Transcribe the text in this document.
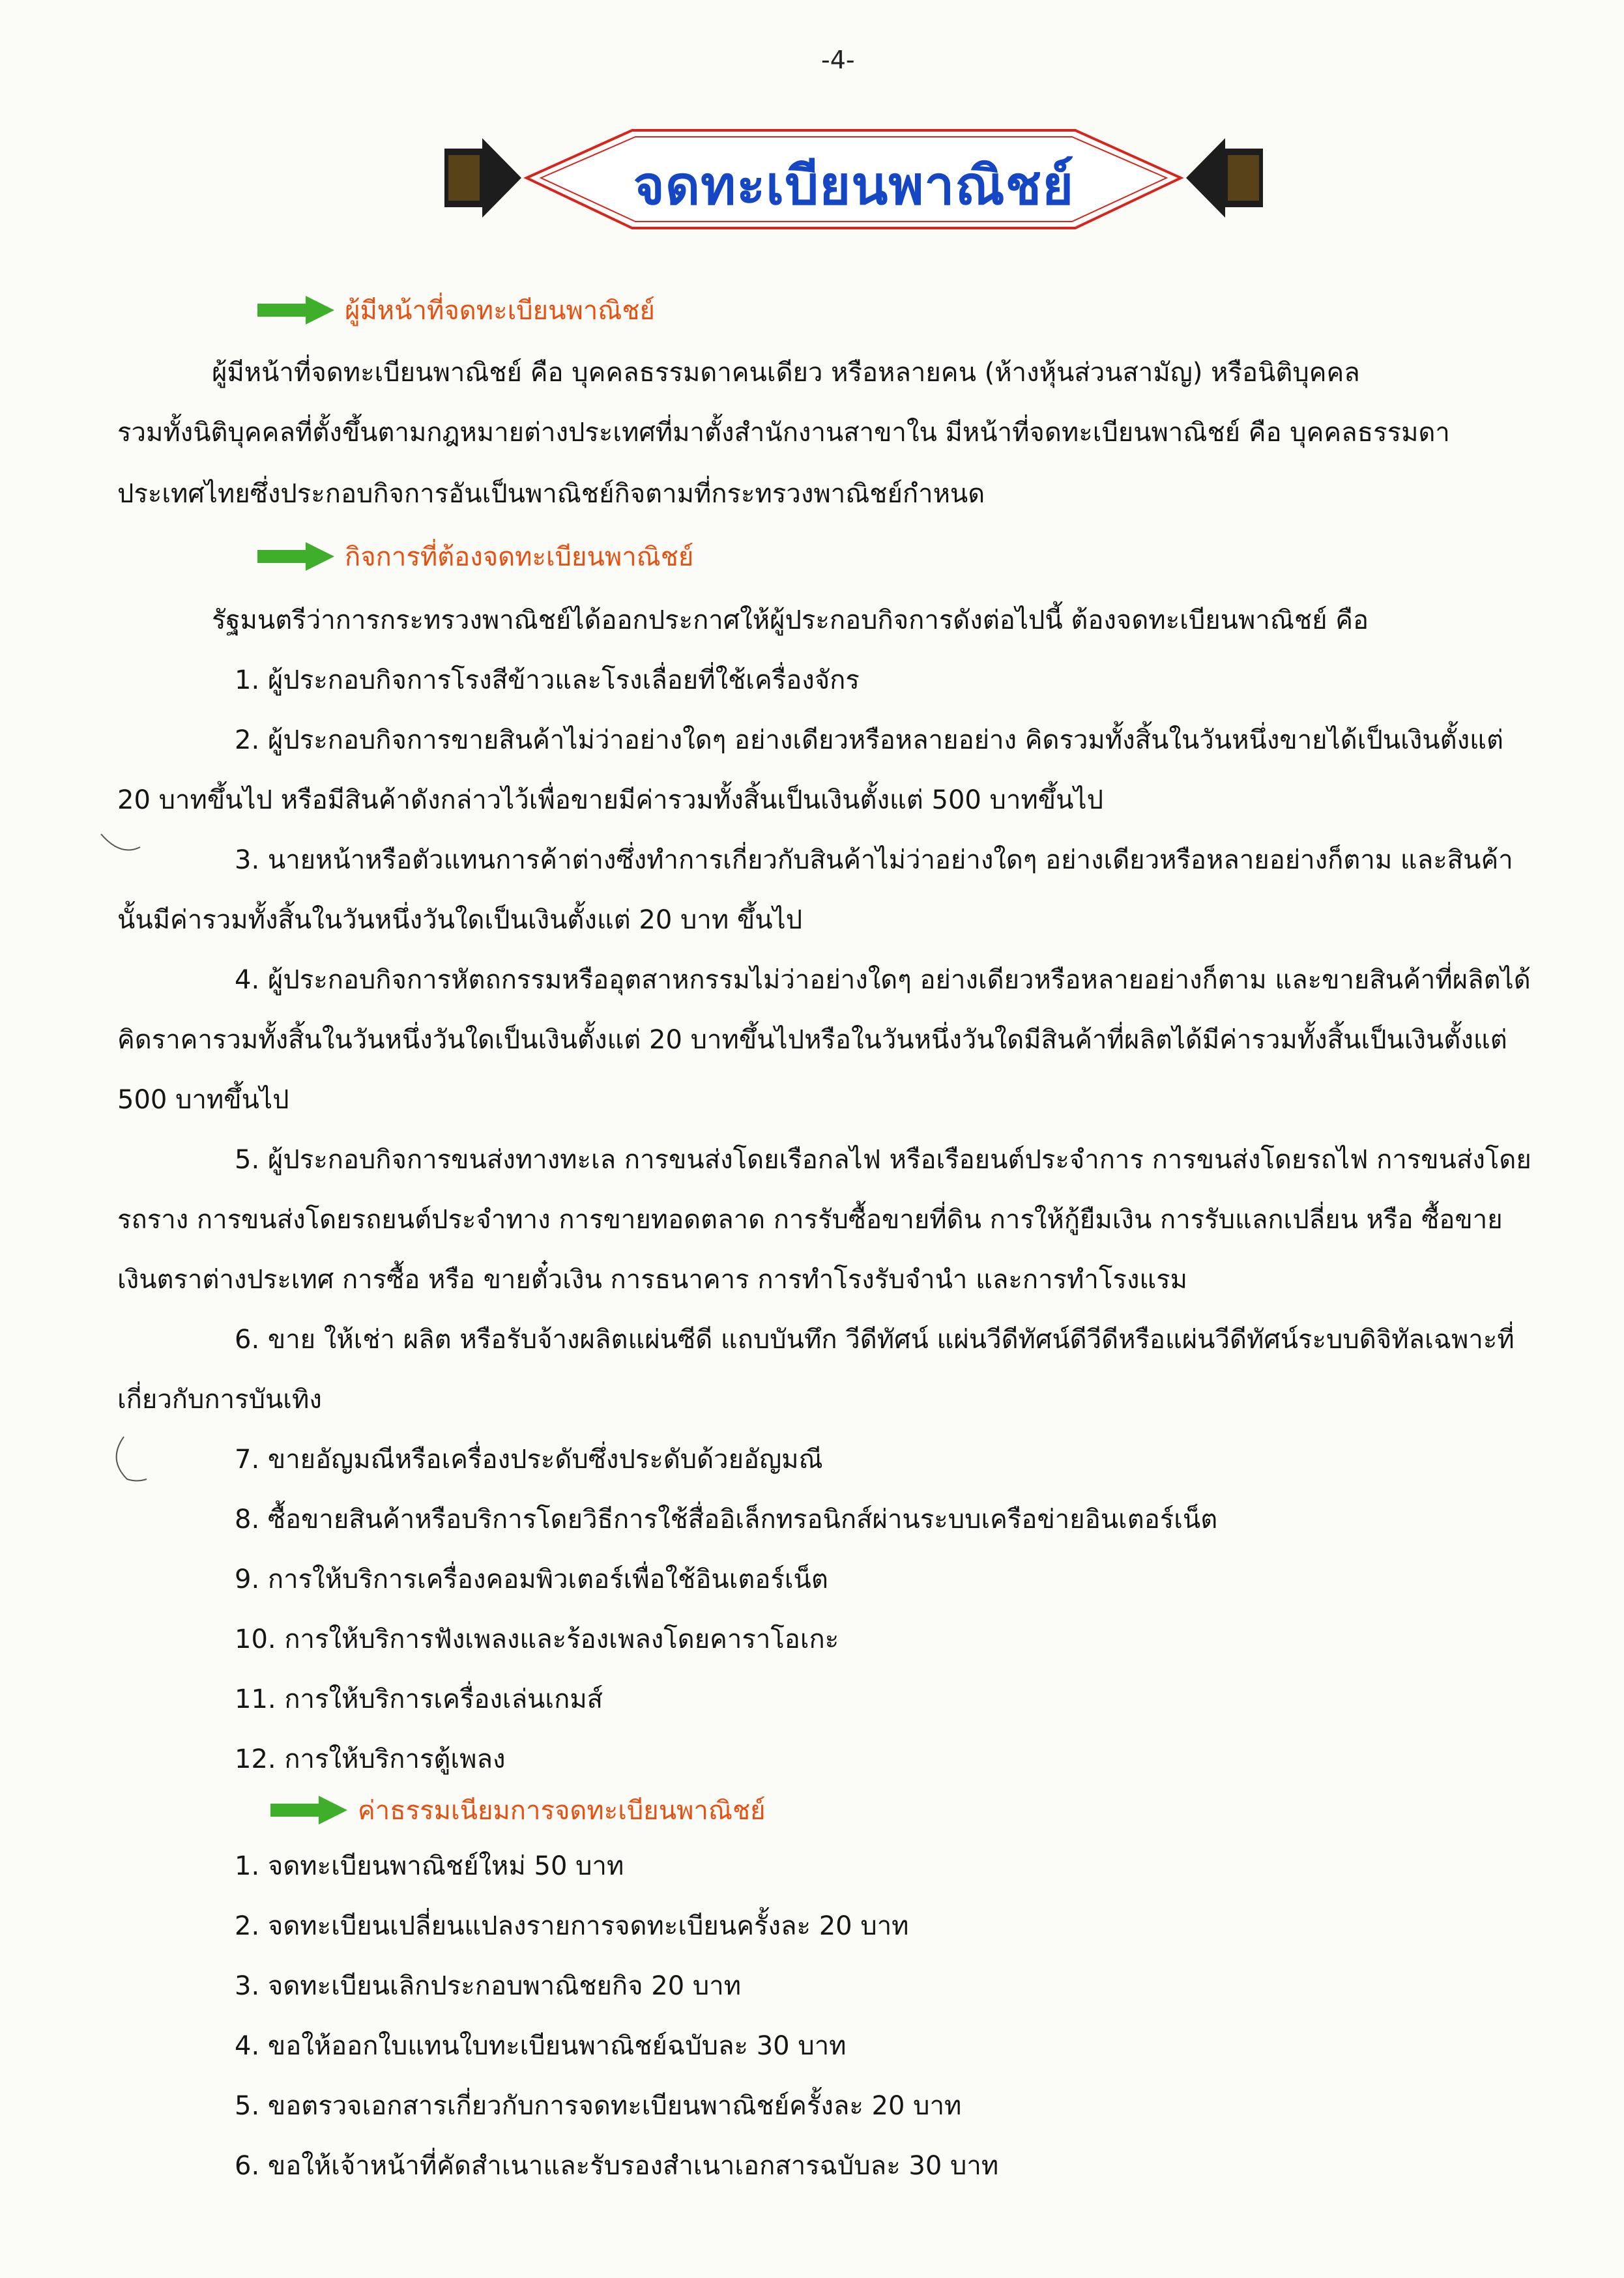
-4-
จดทะเบียนพาณิชย์
ผู้มีหน้าที่จดทะเบียนพาณิชย์
ผู้มีหน้าที่จดทะเบียนพาณิชย์ คือ บุคคลธรรมดาคนเดียว หรือหลายคน (ห้างหุ้นส่วนสามัญ) หรือนิติบุคคล
รวมทั้งนิติบุคคลที่ตั้งขึ้นตามกฎหมายต่างประเทศที่มาตั้งสำนักงานสาขาใน มีหน้าที่จดทะเบียนพาณิชย์ คือ บุคคลธรรมดา
ประเทศไทยซึ่งประกอบกิจการอันเป็นพาณิชย์กิจตามที่กระทรวงพาณิชย์กำหนด
กิจการที่ต้องจดทะเบียนพาณิชย์
รัฐมนตรีว่าการกระทรวงพาณิชย์ได้ออกประกาศให้ผู้ประกอบกิจการดังต่อไปนี้ ต้องจดทะเบียนพาณิชย์ คือ
1. ผู้ประกอบกิจการโรงสีข้าวและโรงเลื่อยที่ใช้เครื่องจักร
2. ผู้ประกอบกิจการขายสินค้าไม่ว่าอย่างใดๆ อย่างเดียวหรือหลายอย่าง คิดรวมทั้งสิ้นในวันหนึ่งขายได้เป็นเงินตั้งแต่
20 บาทขึ้นไป หรือมีสินค้าดังกล่าวไว้เพื่อขายมีค่ารวมทั้งสิ้นเป็นเงินตั้งแต่ 500 บาทขึ้นไป
3. นายหน้าหรือตัวแทนการค้าต่างซึ่งทำการเกี่ยวกับสินค้าไม่ว่าอย่างใดๆ อย่างเดียวหรือหลายอย่างก็ตาม และสินค้า
นั้นมีค่ารวมทั้งสิ้นในวันหนึ่งวันใดเป็นเงินตั้งแต่ 20 บาท ขึ้นไป
4. ผู้ประกอบกิจการหัตถกรรมหรืออุตสาหกรรมไม่ว่าอย่างใดๆ อย่างเดียวหรือหลายอย่างก็ตาม และขายสินค้าที่ผลิตได้
คิดราคารวมทั้งสิ้นในวันหนึ่งวันใดเป็นเงินตั้งแต่ 20 บาทขึ้นไปหรือในวันหนึ่งวันใดมีสินค้าที่ผลิตได้มีค่ารวมทั้งสิ้นเป็นเงินตั้งแต่
500 บาทขึ้นไป
5. ผู้ประกอบกิจการขนส่งทางทะเล การขนส่งโดยเรือกลไฟ หรือเรือยนต์ประจำการ การขนส่งโดยรถไฟ การขนส่งโดย
รถราง การขนส่งโดยรถยนต์ประจำทาง การขายทอดตลาด การรับซื้อขายที่ดิน การให้กู้ยืมเงิน การรับแลกเปลี่ยน หรือ ซื้อขาย
เงินตราต่างประเทศ การซื้อ หรือ ขายตั๋วเงิน การธนาคาร การทำโรงรับจำนำ และการทำโรงแรม
6. ขาย ให้เช่า ผลิต หรือรับจ้างผลิตแผ่นซีดี แถบบันทึก วีดีทัศน์ แผ่นวีดีทัศน์ดีวีดีหรือแผ่นวีดีทัศน์ระบบดิจิทัลเฉพาะที่
เกี่ยวกับการบันเทิง
7. ขายอัญมณีหรือเครื่องประดับซึ่งประดับด้วยอัญมณี
8. ซื้อขายสินค้าหรือบริการโดยวิธีการใช้สื่ออิเล็กทรอนิกส์ผ่านระบบเครือข่ายอินเตอร์เน็ต
9. การให้บริการเครื่องคอมพิวเตอร์เพื่อใช้อินเตอร์เน็ต
10. การให้บริการฟังเพลงและร้องเพลงโดยคาราโอเกะ
11. การให้บริการเครื่องเล่นเกมส์
12. การให้บริการตู้เพลง
ค่าธรรมเนียมการจดทะเบียนพาณิชย์
1. จดทะเบียนพาณิชย์ใหม่ 50 บาท
2. จดทะเบียนเปลี่ยนแปลงรายการจดทะเบียนครั้งละ 20 บาท
3. จดทะเบียนเลิกประกอบพาณิชยกิจ 20 บาท
4. ขอให้ออกใบแทนใบทะเบียนพาณิชย์ฉบับละ 30 บาท
5. ขอตรวจเอกสารเกี่ยวกับการจดทะเบียนพาณิชย์ครั้งละ 20 บาท
6. ขอให้เจ้าหน้าที่คัดสำเนาและรับรองสำเนาเอกสารฉบับละ 30 บาท
